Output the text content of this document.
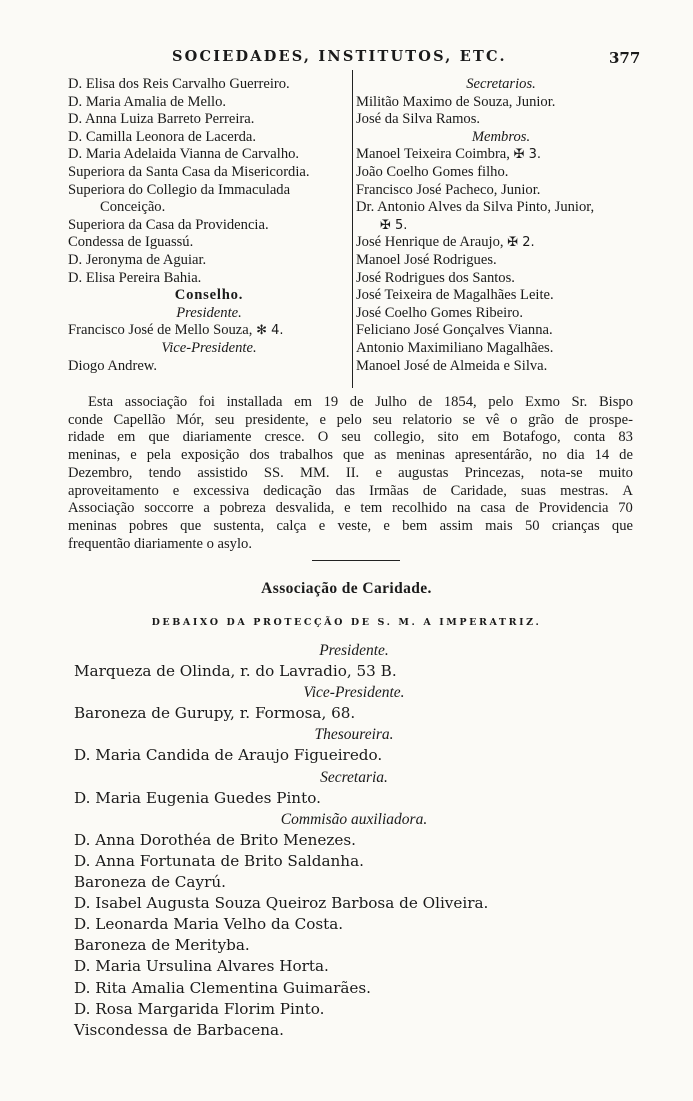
SOCIEDADES, INSTITUTOS, ETC.	377
D. Elisa dos Reis Carvalho Guerreiro.
D. Maria Amalia de Mello.
D. Anna Luiza Barreto Perreira.
D. Camilla Leonora de Lacerda.
D. Maria Adelaida Vianna de Carvalho.
Superiora da Santa Casa da Misericordia.
Superiora do Collegio da Immaculada
Conceição.
Superiora da Casa da Providencia.
Condessa de Iguassú.
D. Jeronyma de Aguiar.
D. Elisa Pereira Bahia.
Conselho.
Presidente.
Francisco José de Mello Souza, ✻ 4.
Vice-Presidente.
Diogo Andrew.
Secretarios.
Militão Maximo de Souza, Junior.
José da Silva Ramos.
Membros.
Manoel Teixeira Coimbra, ✠ 3.
João Coelho Gomes filho.
Francisco José Pacheco, Junior.
Dr. Antonio Alves da Silva Pinto, Junior,
✠ 5.
José Henrique de Araujo, ✠ 2.
Manoel José Rodrigues.
José Rodrigues dos Santos.
José Teixeira de Magalhães Leite.
José Coelho Gomes Ribeiro.
Feliciano José Gonçalves Vianna.
Antonio Maximiliano Magalhães.
Manoel José de Almeida e Silva.
Esta associação foi installada em 19 de Julho de 1854, pelo Exmo Sr. Bispo
conde Capellão Mór, seu presidente, e pelo seu relatorio se vê o grão de prospe-
ridade em que diariamente cresce. O seu collegio, sito em Botafogo, conta 83
meninas, e pela exposição dos trabalhos que as meninas apresentárão, no dia 14 de
Dezembro, tendo assistido SS. MM. II. e augustas Princezas, nota-se muito
aproveitamento e excessiva dedicação das Irmãas de Caridade, suas mestras. A
Associação soccorre a pobreza desvalida, e tem recolhido na casa de Providencia 70
meninas pobres que sustenta, calça e veste, e bem assim mais 50 crianças que
frequentão diariamente o asylo.
Associação de Caridade.
DEBAIXO DA PROTECÇÃO DE S. M. A IMPERATRIZ.
Presidente.
Marqueza de Olinda, r. do Lavradio, 53 B.
Vice-Presidente.
Baroneza de Gurupy, r. Formosa, 68.
Thesoureira.
D. Maria Candida de Araujo Figueiredo.
Secretaria.
D. Maria Eugenia Guedes Pinto.
Commisão auxiliadora.
D. Anna Dorothéa de Brito Menezes.
D. Anna Fortunata de Brito Saldanha.
Baroneza de Cayrú.
D. Isabel Augusta Souza Queiroz Barbosa de Oliveira.
D. Leonarda Maria Velho da Costa.
Baroneza de Merityba.
D. Maria Ursulina Alvares Horta.
D. Rita Amalia Clementina Guimarães.
D. Rosa Margarida Florim Pinto.
Viscondessa de Barbacena.
